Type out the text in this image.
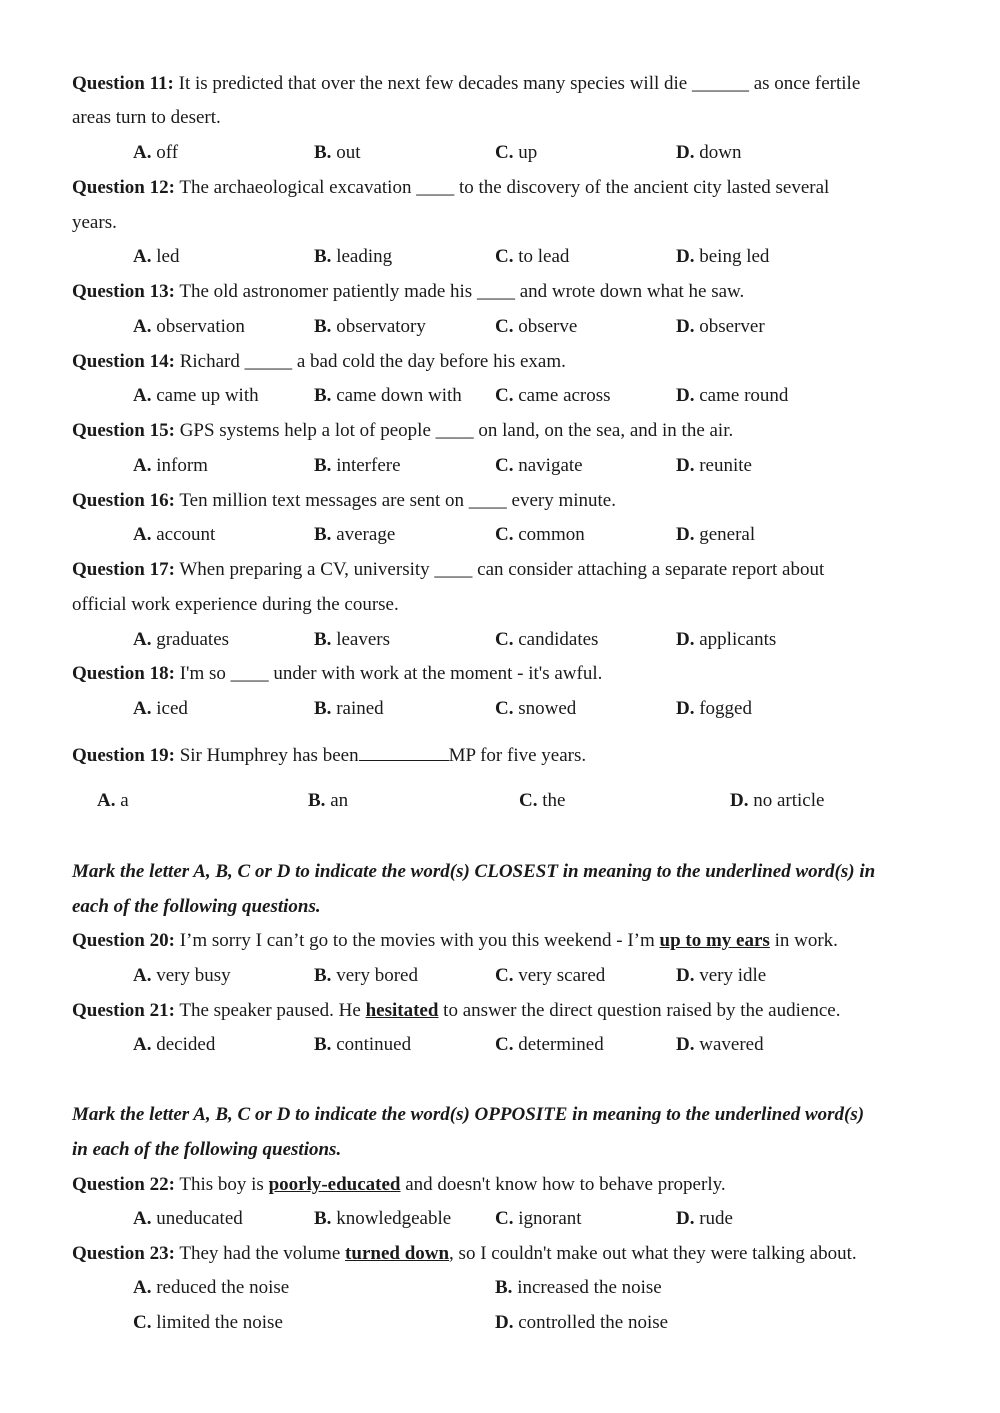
Question 11: It is predicted that over the next few decades many species will die ______ as once fertile
areas turn to desert.
A. off	B. out	C. up	D. down
Question 12: The archaeological excavation ____ to the discovery of the ancient city lasted several
years.
A. led	B. leading	C. to lead	D. being led
Question 13: The old astronomer patiently made his ____ and wrote down what he saw.
A. observation	B. observatory	C. observe	D. observer
Question 14: Richard _____ a bad cold the day before his exam.
A. came up with	B. came down with C. came across	D. came round
Question 15: GPS systems help a lot of people ____ on land, on the sea, and in the air.
A. inform	B. interfere	C. navigate	D. reunite
Question 16: Ten million text messages are sent on ____ every minute.
A. account	B. average	C. common	D. general
Question 17: When preparing a CV, university ____ can consider attaching a separate report about
official work experience during the course.
A. graduates	B. leavers	C. candidates	D. applicants
Question 18: I'm so ____ under with work at the moment - it's awful.
A. iced	B. rained	C. snowed	D. fogged
Question 19: Sir Humphrey has been	MP for five years.
A. a	B. an	C. the	D. no article
Mark the letter A, B, C or D to indicate the word(s) CLOSEST in meaning to the underlined word(s) in
each of the following questions.
Question 20: I’m sorry I can’t go to the movies with you this weekend - I’m up to my ears in work.
A. very busy	B. very bored	C. very scared	D. very idle
Question 21: The speaker paused. He hesitated to answer the direct question raised by the audience.
A. decided	B. continued	C. determined	D. wavered
Mark the letter A, B, C or D to indicate the word(s) OPPOSITE in meaning to the underlined word(s)
in each of the following questions.
Question 22: This boy is poorly-educated and doesn't know how to behave properly.
A. uneducated	B. knowledgeable C. ignorant	D. rude
Question 23: They had the volume turned down, so I couldn't make out what they were talking about.
A. reduced the noise	B. increased the noise
C. limited the noise	D. controlled the noise
